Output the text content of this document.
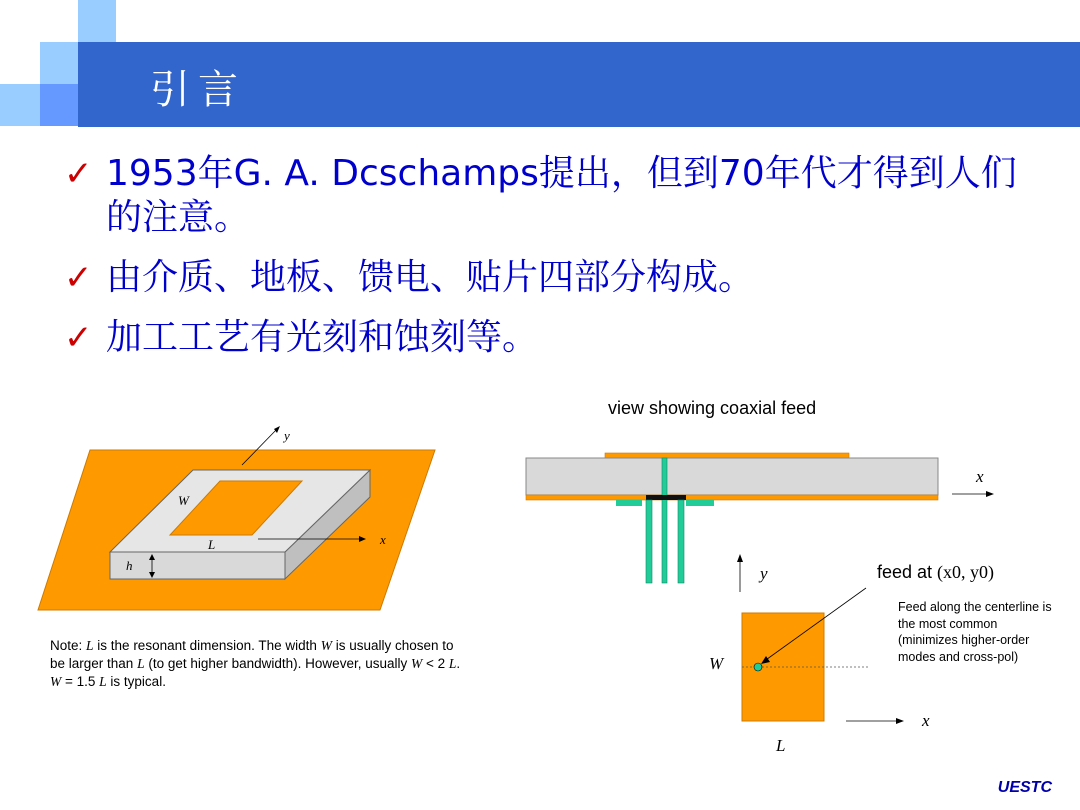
引言
✓ 1953年G. A. Dcschamps提出，但到70年代才得到人们的注意。
✓ 由介质、地板、馈电、贴片四部分构成。
✓ 加工工艺有光刻和蚀刻等。
y
x
W
L
h
Note: L is the resonant dimension. The width W is usually chosen to be larger than L (to get higher bandwidth). However, usually W < 2 L. W = 1.5 L is typical.
view showing coaxial feed
x
y
W
x
L
feed at (x0, y0)
Feed along the centerline is the most common (minimizes higher-order modes and cross-pol)
UESTC
